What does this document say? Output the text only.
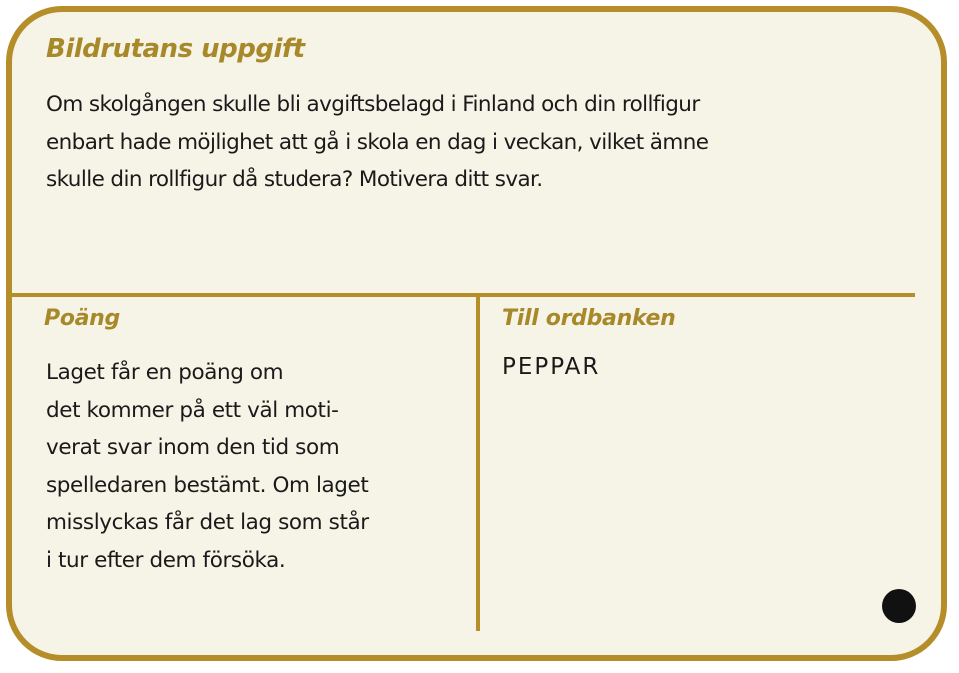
Bildrutans uppgift

Om skolgången skulle bli avgiftsbelagd i Finland och din rollfigur
enbart hade möjlighet att gå i skola en dag i veckan, vilket ämne
skulle din rollfigur då studera? Motivera ditt svar.

Poäng

Laget får en poäng om
det kommer på ett väl moti-
verat svar inom den tid som
spelledaren bestämt. Om laget
misslyckas får det lag som står
i tur efter dem försöka.

Till ordbanken

PEPPAR
